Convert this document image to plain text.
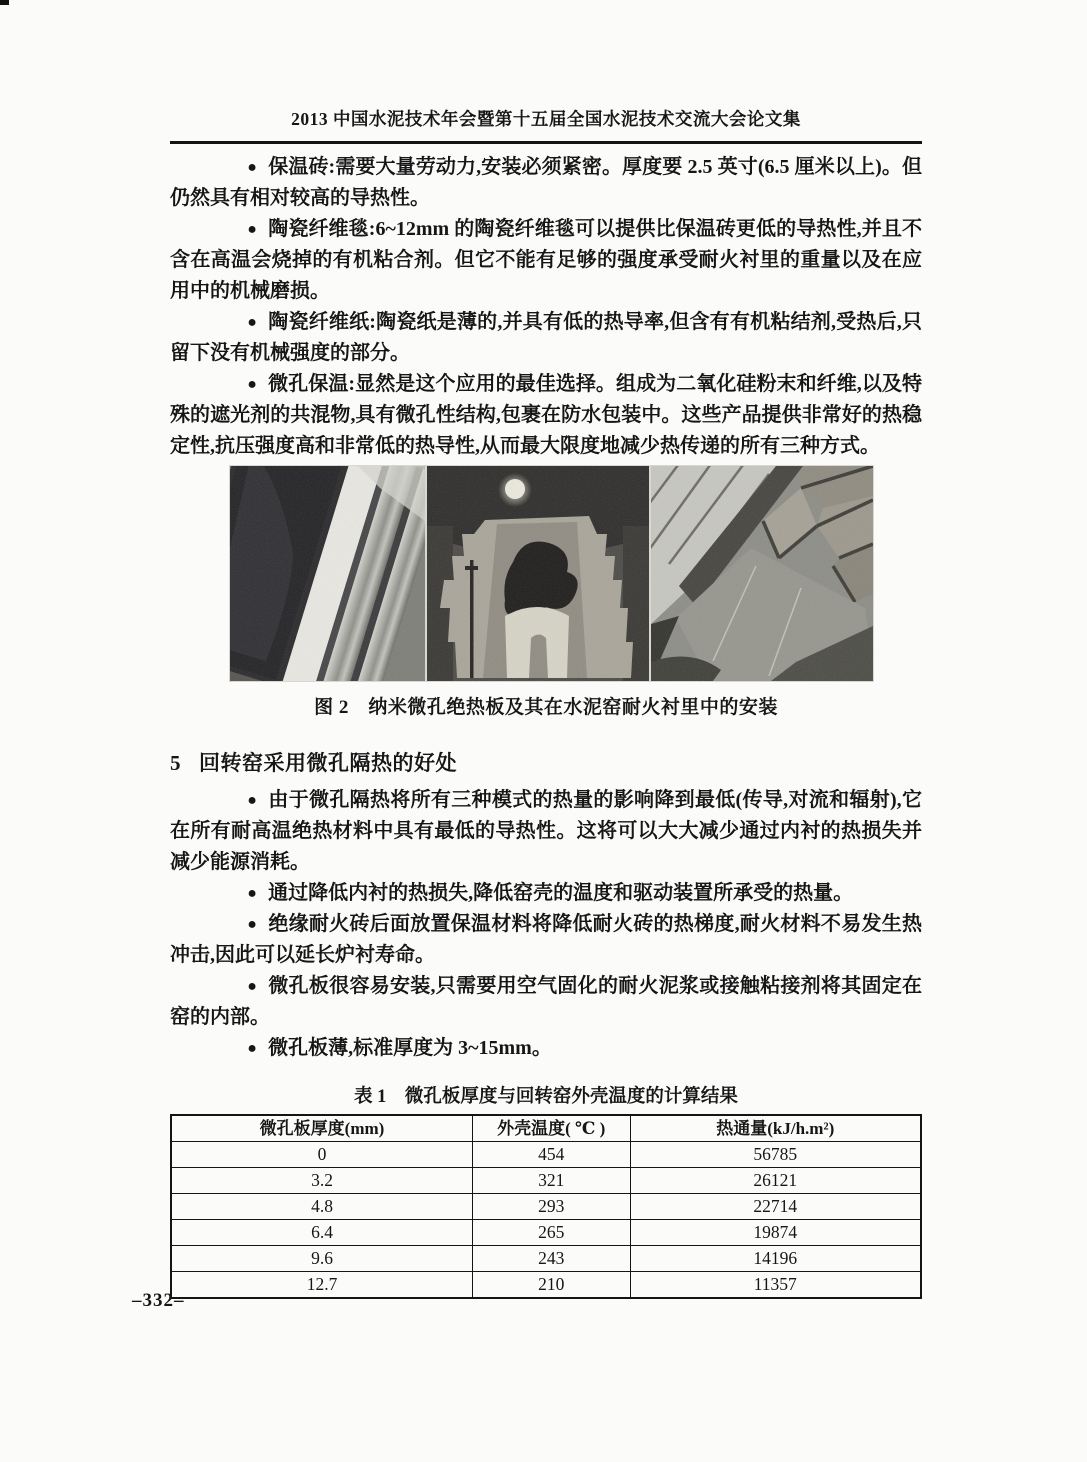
2013 中国水泥技术年会暨第十五届全国水泥技术交流大会论文集

● 保温砖:需要大量劳动力,安装必须紧密。厚度要 2.5 英寸(6.5 厘米以上)。但仍然具有相对较高的导热性。

● 陶瓷纤维毯:6~12mm 的陶瓷纤维毯可以提供比保温砖更低的导热性,并且不含在高温会烧掉的有机粘合剂。但它不能有足够的强度承受耐火衬里的重量以及在应用中的机械磨损。

● 陶瓷纤维纸:陶瓷纸是薄的,并具有低的热导率,但含有有机粘结剂,受热后,只留下没有机械强度的部分。

● 微孔保温:显然是这个应用的最佳选择。组成为二氧化硅粉末和纤维,以及特殊的遮光剂的共混物,具有微孔性结构,包裹在防水包装中。这些产品提供非常好的热稳定性,抗压强度高和非常低的热导性,从而最大限度地减少热传递的所有三种方式。

图 2　纳米微孔绝热板及其在水泥窑耐火衬里中的安装
5 回转窑采用微孔隔热的好处

● 由于微孔隔热将所有三种模式的热量的影响降到最低(传导,对流和辐射),它在所有耐高温绝热材料中具有最低的导热性。这将可以大大减少通过内衬的热损失并减少能源消耗。

● 通过降低内衬的热损失,降低窑壳的温度和驱动装置所承受的热量。

● 绝缘耐火砖后面放置保温材料将降低耐火砖的热梯度,耐火材料不易发生热冲击,因此可以延长炉衬寿命。

● 微孔板很容易安装,只需要用空气固化的耐火泥浆或接触粘接剂将其固定在窑的内部。

● 微孔板薄,标准厚度为 3~15mm。

表 1　微孔板厚度与回转窑外壳温度的计算结果
微孔板厚度(mm)	外壳温度( ℃ )	热通量(kJ/h.m²)
0	454	56785
3.2	321	26121
4.8	293	22714
6.4	265	19874
9.6	243	14196
12.7	210	11357
–332–
